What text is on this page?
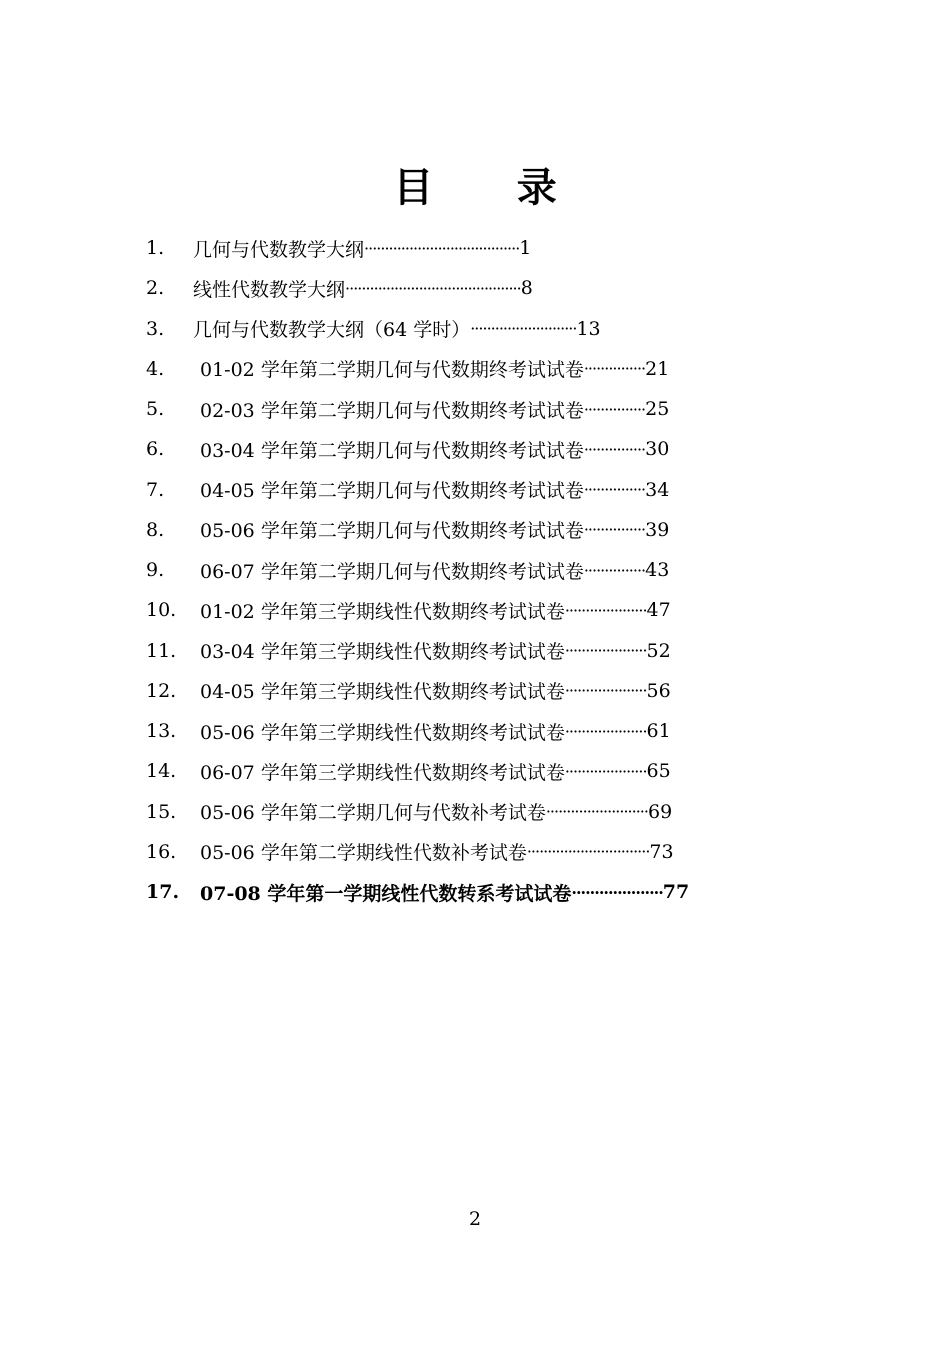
目      录
1.	几何与代数教学大纲 ······································ 1
2.	线性代数教学大纲 ··········································· 8
3.	几何与代数教学大纲（64 学时） ·························· 13
4.	01-02 学年第二学期几何与代数期终考试试卷 ··············· 21
5.	02-03 学年第二学期几何与代数期终考试试卷 ··············· 25
6.	03-04 学年第二学期几何与代数期终考试试卷 ··············· 30
7.	04-05 学年第二学期几何与代数期终考试试卷 ··············· 34
8.	05-06 学年第二学期几何与代数期终考试试卷 ··············· 39
9.	06-07 学年第二学期几何与代数期终考试试卷 ··············· 43
10.	01-02 学年第三学期线性代数期终考试试卷 ···················· 47
11.	03-04 学年第三学期线性代数期终考试试卷 ···················· 52
12.	04-05 学年第三学期线性代数期终考试试卷 ···················· 56
13.	05-06 学年第三学期线性代数期终考试试卷 ···················· 61
14.	06-07 学年第三学期线性代数期终考试试卷 ···················· 65
15.	05-06 学年第二学期几何与代数补考试卷 ························· 69
16.	05-06 学年第二学期线性代数补考试卷 ······························ 73
17.	07-08 学年第一学期线性代数转系考试试卷 ···················· 77
2
